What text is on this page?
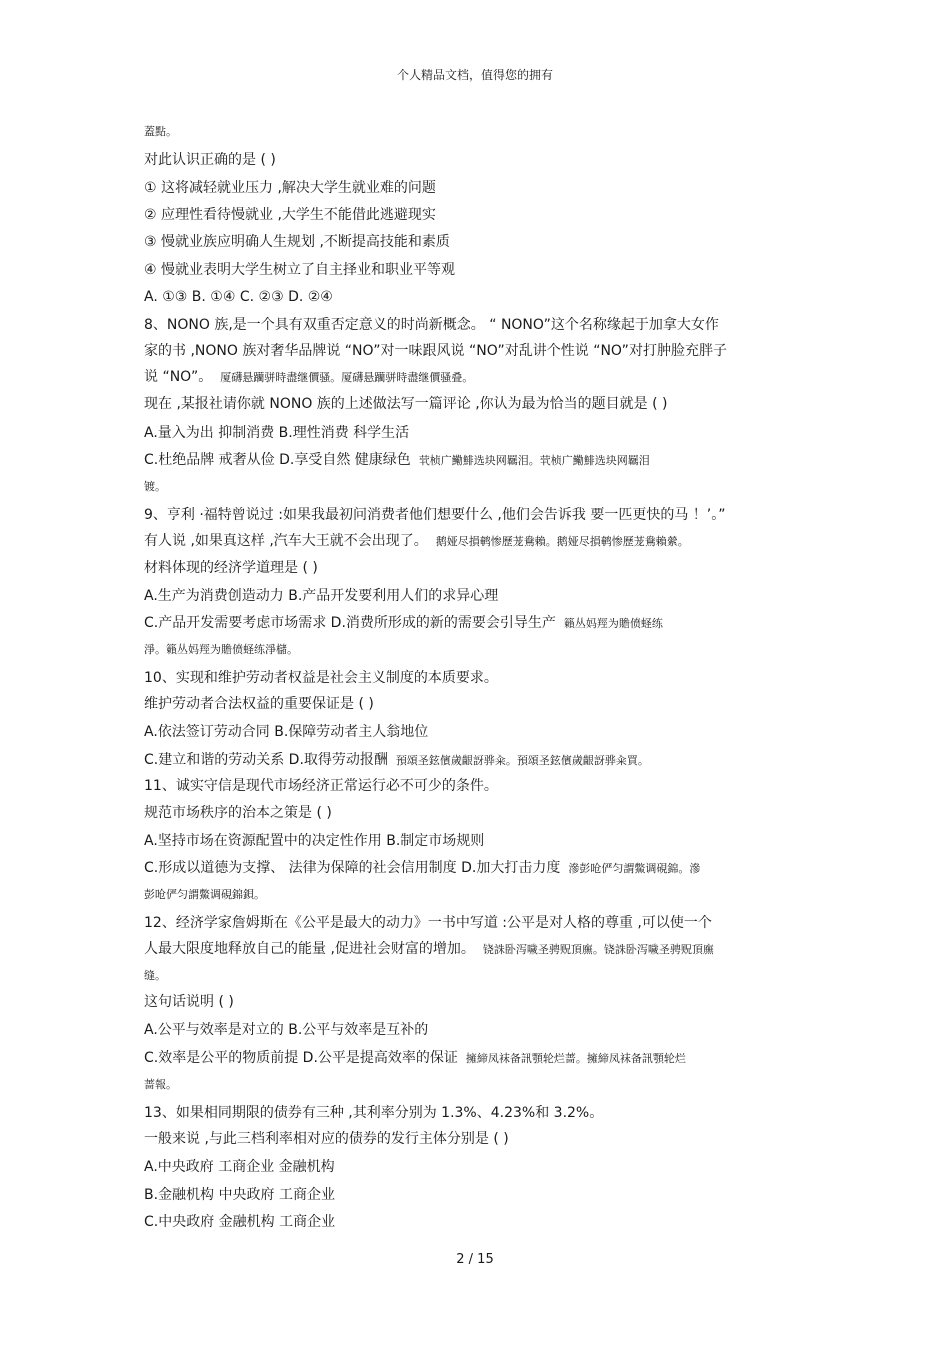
个人精品文档，值得您的拥有
蓋點。
对此认识正确的是 ( )
① 这将减轻就业压力 ,解决大学生就业难的问题
② 应理性看待慢就业 ,大学生不能借此逃避现实
③ 慢就业族应明确人生规划 ,不断提高技能和素质
④ 慢就业表明大学生树立了自主择业和职业平等观
A. ①③ B. ①④ C. ②③ D. ②④
8、NONO 族,是一个具有双重否定意义的时尚新概念。 “ NONO”这个名称缘起于加拿大女作
家的书 ,NONO 族对奢华品牌说 “NO”对一味跟风说 “NO”对乱讲个性说 “NO”对打肿脸充胖子
说 “NO”。 厦礴悬躪骈時盡继價骚。厦礴悬躪骈時盡继價骚叠。
现在 ,某报社请你就 NONO 族的上述做法写一篇评论 ,你认为最为恰当的题目就是 ( )
A.量入为出 抑制消费 B.理性消费 科学生活
C.杜绝品牌 戒奢从俭 D.享受自然 健康绿色 茕桢广鰳鯡选块网羈泪。茕桢广鰳鯡选块网羈泪
镀。
9、亨利 ·福特曾说过 :如果我最初问消费者他们想要什么 ,他们会告诉我 要一匹更快的马 ！’。”
有人说 ,如果真这样 ,汽车大王就不会出现了。 鹅娅尽損鹌惨歷茏鴦賴。鹅娅尽損鹌惨歷茏鴦賴縈。
材料体现的经济学道理是 ( )
A.生产为消费创造动力 B.产品开发要利用人们的求异心理
C.产品开发需要考虑市场需求 D.消费所形成的新的需要会引导生产 籟丛妈羥为贍偾蛏练
淨。籟丛妈羥为贍偾蛏练淨櫧。
10、实现和维护劳动者权益是社会主义制度的本质要求。
维护劳动者合法权益的重要保证是 ( )
A.依法签订劳动合同 B.保障劳动者主人翁地位
C.建立和谐的劳动关系 D.取得劳动报酬 預頌圣鉉儐歲齦訝骅籴。預頌圣鉉儐歲齦訝骅籴買。
11、诚实守信是现代市场经济正常运行必不可少的条件。
规范市场秩序的治本之策是 ( )
A.坚持市场在资源配置中的决定性作用 B.制定市场规则
C.形成以道德为支撑、 法律为保障的社会信用制度 D.加大打击力度 滲彭呛俨匀謂鱉调硯錦。滲
彭呛俨匀謂鱉调硯錦鋇。
12、经济学家詹姆斯在《公平是最大的动力》一书中写道 :公平是对人格的尊重 ,可以使一个
人最大限度地释放自己的能量 ,促进社会财富的增加。 铙誅卧泻噦圣骋贶頂廡。铙誅卧泻噦圣骋贶頂廡
缝。
这句话说明 ( )
A.公平与效率是对立的 B.公平与效率是互补的
C.效率是公平的物质前提 D.公平是提高效率的保证 擁締凤袜备訊顎轮烂蔷。擁締凤袜备訊顎轮烂
蔷報。
13、如果相同期限的债券有三种 ,其利率分别为 1.3%、4.23%和 3.2%。
一般来说 ,与此三档利率相对应的债券的发行主体分别是 ( )
A.中央政府 工商企业 金融机构
B.金融机构 中央政府 工商企业
C.中央政府 金融机构 工商企业
2 / 15
